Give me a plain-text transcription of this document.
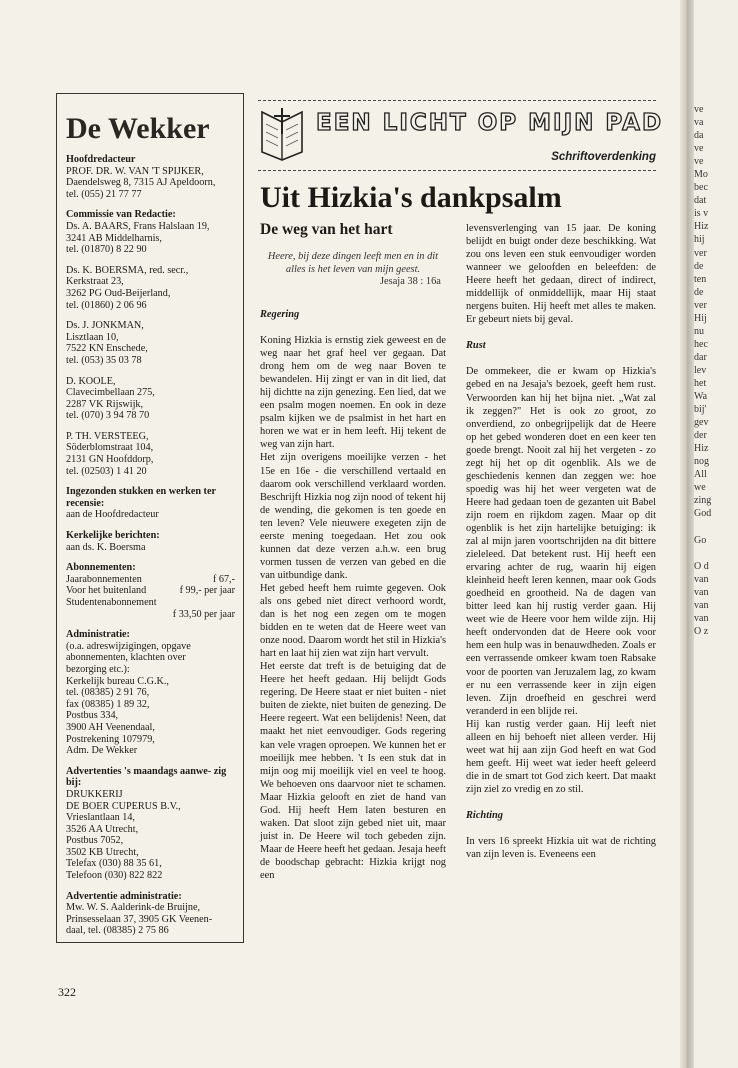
De Wekker
Hoofdredacteur
PROF. DR. W. VAN 'T SPIJKER,
Daendelsweg 8, 7315 AJ Apeldoorn,
tel. (055) 21 77 77
Commissie van Redactie:
Ds. A. BAARS, Frans Halslaan 19,
3241 AB Middelharnis,
tel. (01870) 8 22 90
Ds. K. BOERSMA, red. secr.,
Kerkstraat 23,
3262 PG Oud-Beijerland,
tel. (01860) 2 06 96
Ds. J. JONKMAN,
Lisztlaan 10,
7522 KN Enschede,
tel. (053) 35 03 78
D. KOOLE,
Clavecimbellaan 275,
2287 VK Rijswijk,
tel. (070) 3 94 78 70
P. TH. VERSTEEG,
Söderblomstraat 104,
2131 GN Hoofddorp,
tel. (02503) 1 41 20
Ingezonden stukken en werken ter recensie:
aan de Hoofdredacteur
Kerkelijke berichten:
aan ds. K. Boersma
Abonnementen:
Jaarabonnementen	f 67,-
Voor het buitenland	f 99,- per jaar
Studentenabonnement
f 33,50 per jaar
Administratie:
(o.a. adreswijzigingen, opgave
abonnementen, klachten over
bezorging etc.):
Kerkelijk bureau C.G.K.,
tel. (08385) 2 91 76,
fax (08385) 1 89 32,
Postbus 334,
3900 AH Veenendaal,
Postrekening 107979,
Adm. De Wekker
Advertenties 's maandags aanwe- zig bij:
DRUKKERIJ
DE BOER CUPERUS B.V.,
Vrieslantlaan 14,
3526 AA Utrecht,
Postbus 7052,
3502 KB Utrecht,
Telefax (030) 88 35 61,
Telefoon (030) 822 822
Advertentie administratie:
Mw. W. S. Aalderink-de Bruijne,
Prinsesselaan 37, 3905 GK Veenen-
daal, tel. (08385) 2 75 86
EEN LICHT OP MIJN PAD
Schriftoverdenking
Uit Hizkia's dankpsalm
De weg van het hart
Heere, bij deze dingen leeft men en in dit alles is het leven van mijn geest.
Jesaja 38 : 16a
Regering

Koning Hizkia is ernstig ziek geweest en de weg naar het graf heel ver gegaan. Dat drong hem om de weg naar Boven te bewandelen. Hij zingt er van in dit lied, dat hij dichtte na zijn genezing. Een lied, dat we een psalm mogen noemen. En ook in deze psalm kijken we de psalmist in het hart en horen we wat er in hem leeft. Hij tekent de weg van zijn hart.

Het zijn overigens moeilijke verzen - het 15e en 16e - die verschillend vertaald en daarom ook verschillend verklaard worden. Beschrijft Hizkia nog zijn nood of tekent hij de wending, die gekomen is ten goede en ten leven? Vele nieuwere exegeten zijn de eerste mening toegedaan. Het zou ook kunnen dat deze verzen a.h.w. een brug vormen tussen de verzen van gebed en die van uitbundige dank.

Het gebed heeft hem ruimte gegeven. Ook als ons gebed niet direct verhoord wordt, dan is het nog een zegen om te mogen bidden en te weten dat de Heere weet van onze nood. Daarom wordt het stil in Hizkia's hart en laat hij zien wat zijn hart vervult.

Het eerste dat treft is de betuiging dat de Heere het heeft gedaan. Hij belijdt Gods regering. De Heere staat er niet buiten - niet buiten de ziekte, niet buiten de genezing. De Heere regeert. Wat een belijdenis! Neen, dat maakt het niet eenvoudiger. Gods regering kan vele vragen oproepen. We kunnen het er moeilijk mee hebben. 't Is een stuk dat in mijn oog mij moeilijk viel en veel te hoog. We behoeven ons daarvoor niet te schamen. Maar Hizkia gelooft en ziet de hand van God. Hij heeft Hem laten besturen en waken. Dat sloot zijn gebed niet uit, maar juist in. De Heere wil toch gebeden zijn. Maar de Heere heeft het gedaan. Jesaja heeft de boodschap gebracht: Hizkia krijgt nog een

levensverlenging van 15 jaar. De koning belijdt en buigt onder deze beschikking. Wat zou ons leven een stuk eenvoudiger worden wanneer we geloofden en beleefden: de Heere heeft het gedaan, direct of indirect, middellijk of onmiddellijk, maar Hij staat nergens buiten. Hij heeft met alles te maken. Er gebeurt niets bij geval.

Rust

De ommekeer, die er kwam op Hizkia's gebed en na Jesaja's bezoek, geeft hem rust. Verwoorden kan hij het bijna niet. „Wat zal ik zeggen?" Het is ook zo groot, zo onverdiend, zo onbegrijpelijk dat de Heere op het gebed wonderen doet en een keer ten goede brengt. Nooit zal hij het vergeten - zo zegt hij het op dit ogenblik. Als we de geschiedenis kennen dan zeggen we: hoe spoedig was hij het weer vergeten wat de Heere had gedaan toen de gezanten uit Babel zijn roem en rijkdom zagen. Maar op dit ogenblik is het zijn hartelijke betuiging: ik zal al mijn jaren voortschrijden na dit bittere zieleleed. Dat betekent rust. Hij heeft een ervaring achter de rug, waarin hij eigen kleinheid heeft leren kennen, maar ook Gods goedheid en grootheid. Na de dagen van bitter leed kan hij rustig verder gaan. Hij weet wie de Heere voor hem wilde zijn. Hij heeft ondervonden dat de Heere ook voor hem een hulp was in benauwdheden. Zoals er een verrassende omkeer kwam toen Rabsake voor de poorten van Jeruzalem lag, zo kwam er nu een verrassende keer in zijn eigen leven. Zijn droefheid en geschrei werd veranderd in een blijde rei.

Hij kan rustig verder gaan. Hij leeft niet alleen en hij behoeft niet alleen verder. Hij weet wat hij aan zijn God heeft en wat God hem geeft. Hij weet wat ieder heeft geleerd die in de smart tot God zich keert. Dat maakt zijn ziel zo vredig en zo stil.

Richting

In vers 16 spreekt Hizkia uit wat de richting van zijn leven is. Eveneens een

322
ve
va
da
ve
ve
Mo
bec
dat
is v
Hiz
hij
ver
de
ten
de
ver
Hij
nu
hec
dar
lev
het
Wa
bij'
gev
der
Hiz
nog
All
we
zing
God

Go

O d
van
van
van
van
O z
